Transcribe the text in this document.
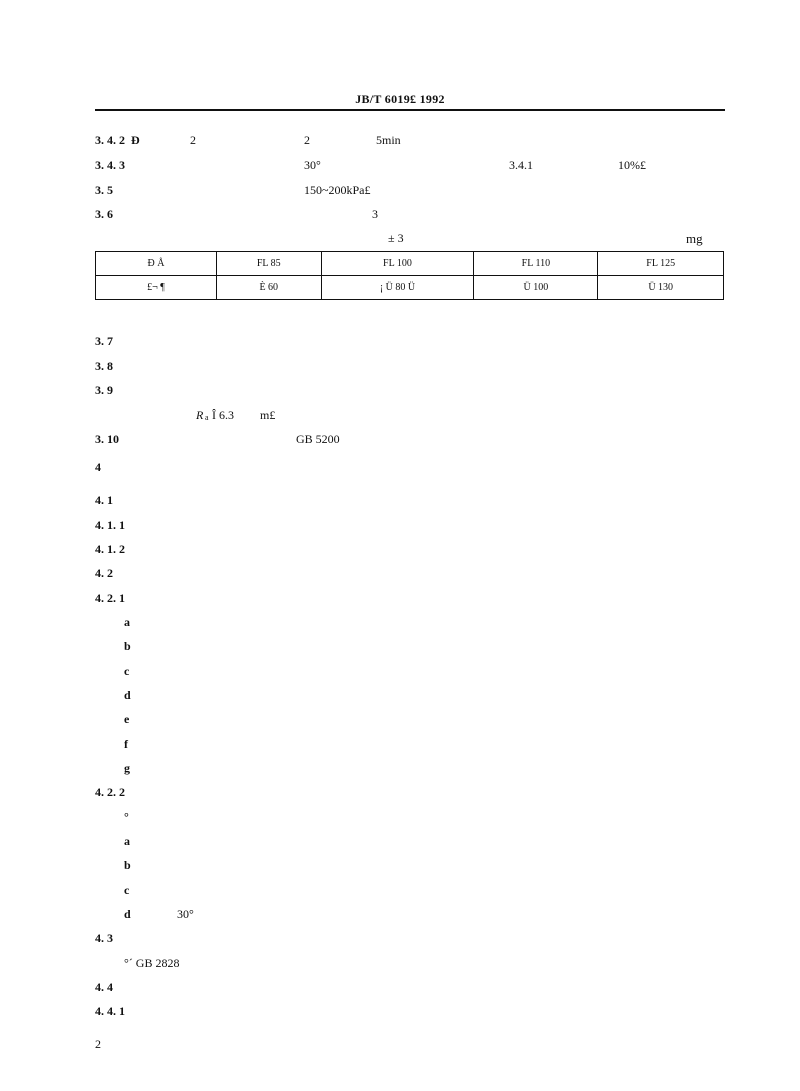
JB/T 6019£ 1992
3. 4. 2 Ð	2	2	5min
3. 4. 3	30°	3.4.1	10%£
3. 5	150~200kPa£
3. 6	3
± 3	mg
Ð Å	FL 85	FL 100	FL 110	FL 125
£¬ ¶	È 60	¡ Ü 80 Ü	Ü 100	Ü 130
3. 7
3. 8
3. 9
R a Î 6.3 m£
3. 10	GB 5200
4
4. 1
4. 1. 1
4. 1. 2
4. 2
4. 2. 1
a
b
c
d
e
f
g
4. 2. 2
°
a
b
c
d	30°
4. 3
°´ GB 2828
4. 4
4. 4. 1
2
